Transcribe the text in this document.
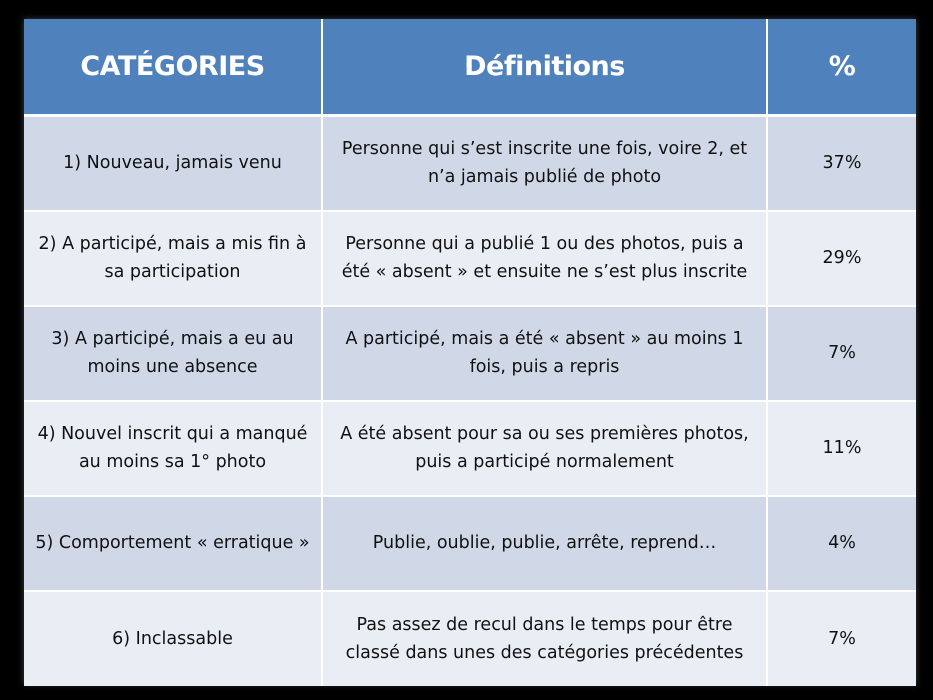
CATÉGORIES	Définitions	%
1) Nouveau, jamais venu	Personne qui s’est inscrite une fois, voire 2, et n’a jamais publié de photo	37%
2) A participé, mais a mis fin à sa participation	Personne qui a publié 1 ou des photos, puis a été « absent » et ensuite ne s’est plus inscrite	29%
3) A participé, mais a eu au moins une absence	A participé, mais a été « absent » au moins 1 fois, puis a repris	7%
4) Nouvel inscrit qui a manqué au moins sa 1° photo	A été absent pour sa ou ses premières photos, puis a participé normalement	11%
5) Comportement « erratique »	Publie, oublie, publie, arrête, reprend…	4%
6) Inclassable	Pas assez de recul dans le temps pour être classé dans unes des catégories précédentes	7%
